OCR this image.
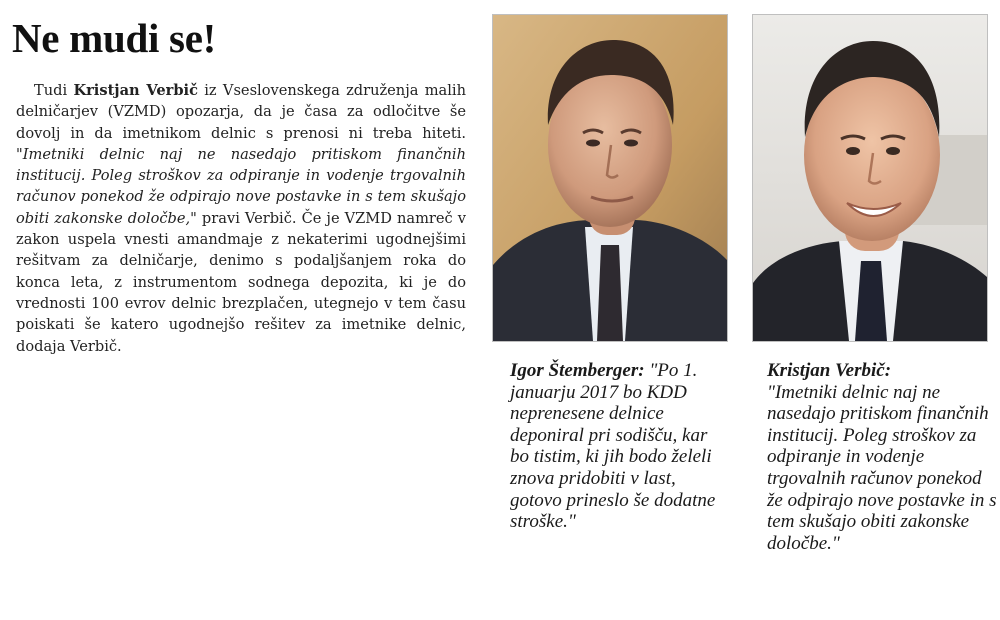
Ne mudi se!

Tudi Kristjan Verbič iz Vseslovenskega združenja malih delničarjev (VZMD) opozarja, da je časa za odločitve še dovolj in da imetnikom delnic s prenosi ni treba hiteti. "Imetniki delnic naj ne nasedajo pritiskom finančnih institucij. Poleg stroškov za odpiranje in vodenje trgovalnih računov ponekod že odpirajo nove postavke in s tem skušajo obiti zakonske določbe," pravi Verbič. Če je VZMD namreč v zakon uspela vnesti amandmaje z nekaterimi ugodnejšimi rešitvam za delničarje, denimo s podaljšanjem roka do konca leta, z instrumentom sodnega depozita, ki je do vrednosti 100 evrov delnic brezplačen, utegnejo v tem času poiskati še katero ugodnejšo rešitev za imetnike delnic, dodaja Verbič.

Igor Štemberger: "Po 1. januarju 2017 bo KDD neprenesene delnice deponiral pri sodišču, kar bo tistim, ki jih bodo želeli znova pridobiti v last, gotovo prineslo še dodatne stroške."
Kristjan Verbič:
"Imetniki delnic naj ne nasedajo pritiskom finančnih institucij. Poleg stroškov za odpiranje in vodenje trgovalnih računov ponekod že odpirajo nove postavke in s tem skušajo obiti zakonske določbe."
